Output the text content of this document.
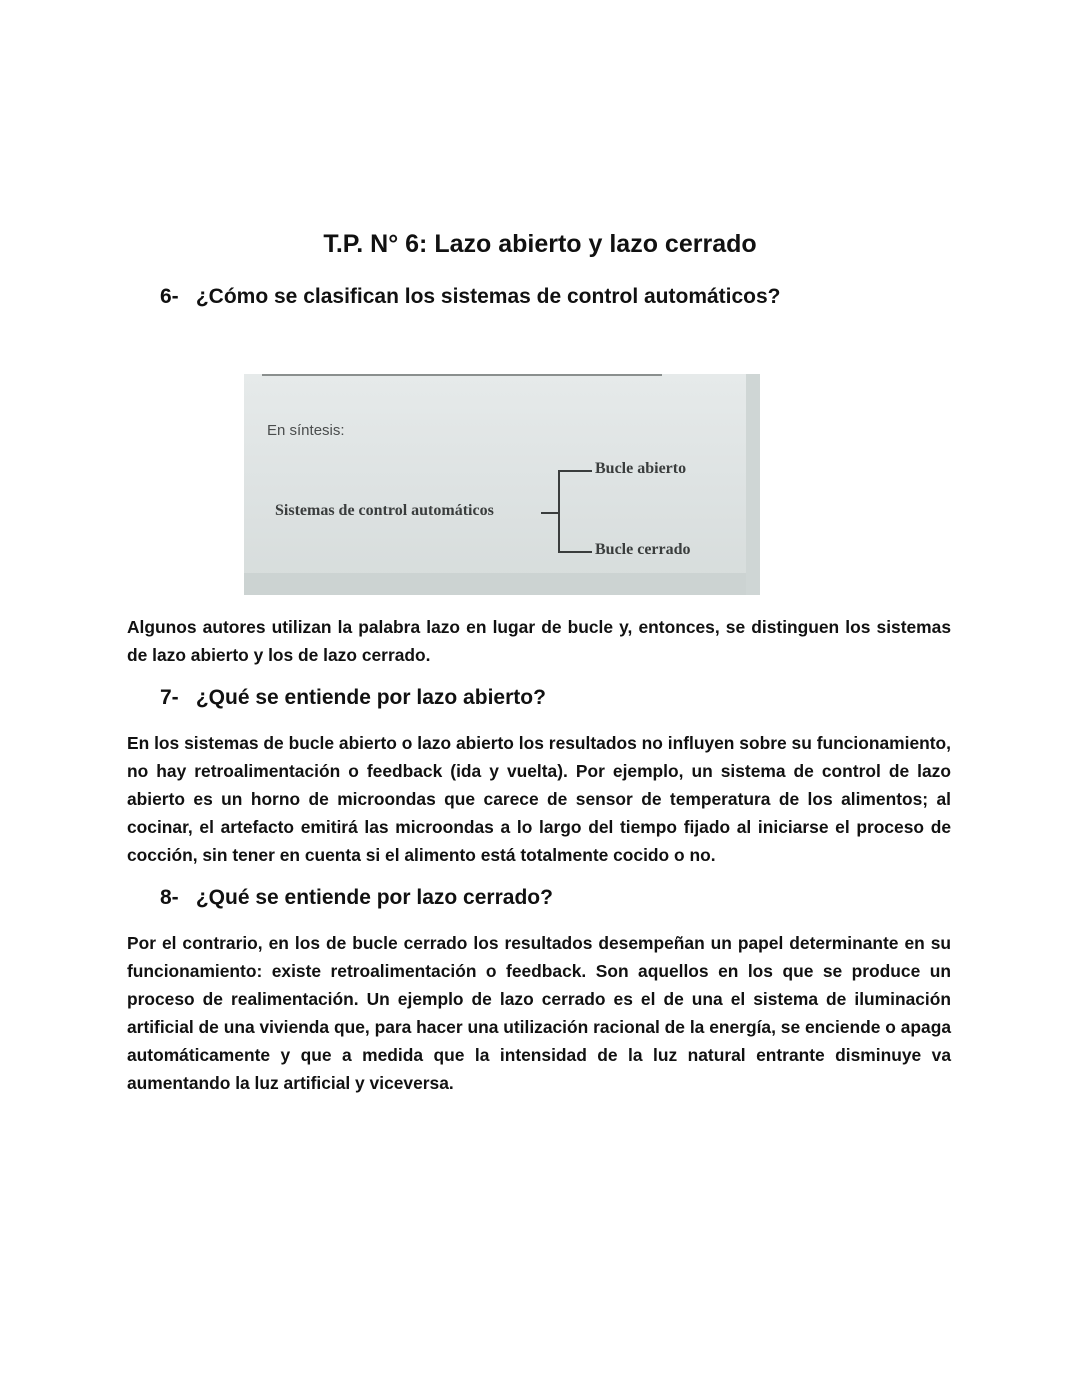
T.P. N° 6: Lazo abierto y lazo cerrado

6- ¿Cómo se clasifican los sistemas de control automáticos?

En síntesis:
Sistemas de control automáticos
Bucle abierto
Bucle cerrado

Algunos autores utilizan la palabra lazo en lugar de bucle y, entonces, se distinguen los sistemas de lazo abierto y los de lazo cerrado.

7- ¿Qué se entiende por lazo abierto?

En los sistemas de bucle abierto o lazo abierto los resultados no influyen sobre su funcionamiento, no hay retroalimentación o feedback (ida y vuelta). Por ejemplo, un sistema de control de lazo abierto es un horno de microondas que carece de sensor de temperatura de los alimentos; al cocinar, el artefacto emitirá las microondas a lo largo del tiempo fijado al iniciarse el proceso de cocción, sin tener en cuenta si el alimento está totalmente cocido o no.

8- ¿Qué se entiende por lazo cerrado?

Por el contrario, en los de bucle cerrado los resultados desempeñan un papel determinante en su funcionamiento: existe retroalimentación o feedback. Son aquellos en los que se produce un proceso de realimentación. Un ejemplo de lazo cerrado es el de una el sistema de iluminación artificial de una vivienda que, para hacer una utilización racional de la energía, se enciende o apaga automáticamente y que a medida que la intensidad de la luz natural entrante disminuye va aumentando la luz artificial y viceversa.
